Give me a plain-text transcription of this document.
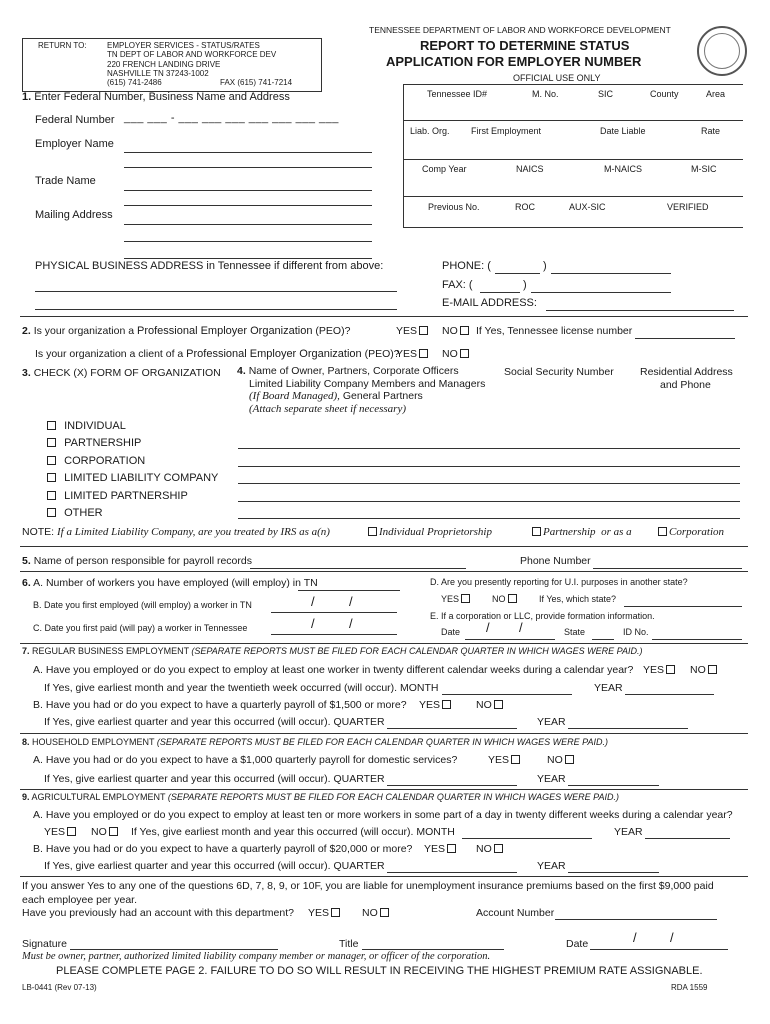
TENNESSEE DEPARTMENT OF LABOR AND WORKFORCE DEVELOPMENT
REPORT TO DETERMINE STATUS
APPLICATION FOR EMPLOYER NUMBER
RETURN TO:	EMPLOYER SERVICES - STATUS/RATES
TN DEPT OF LABOR AND WORKFORCE DEV
220 FRENCH LANDING DRIVE
NASHVILLE TN 37243-1002
(615) 741-2486	FAX (615) 741-7214	OFFICIAL USE ONLY
Tennessee ID#	M. No.	SIC	County	Area
Liab. Org. First Employment	Date Liable	Rate
Comp Year	NAICS	M-NAICS	M-SIC
Previous No.	ROC	AUX-SIC	VERIFIED
1. Enter Federal Number, Business Name and Address
Federal Number ___ ___ - ___ ___ ___ ___ ___ ___ ___
Employer Name
Trade Name
Mailing Address
PHYSICAL BUSINESS ADDRESS in Tennessee if different from above:	PHONE: (	)
FAX: (	)
E-MAIL ADDRESS:
2. Is your organization a Professional Employer Organization (PEO)?	YES	NO	If Yes, Tennessee license number
Is your organization a client of a Professional Employer Organization (PEO)?
YES	NO
3. CHECK (X) FORM OF ORGANIZATION
INDIVIDUAL
PARTNERSHIP
CORPORATION
LIMITED LIABILITY COMPANY
LIMITED PARTNERSHIP
OTHER
4. Name of Owner, Partners, Corporate Officers
Limited Liability Company Members and Managers
(If Board Managed), General Partners
(Attach separate sheet if necessary)
Social Security Number	Residential Address
and Phone
NOTE: If a Limited Liability Company, are you treated by IRS as a(n)	Individual Proprietorship	Partnership or as a	Corporation
5. Name of person responsible for payroll records	Phone Number
6. A. Number of workers you have employed (will employ) in TN
B. Date you first employed (will employ) a worker in TN	/	/
C. Date you first paid (will pay) a worker in Tennessee	/	/
D. Are you presently reporting for U.I. purposes in another state?
YES	NO	If Yes, which state?
E. If a corporation or LLC, provide formation information.
Date / /	State	ID No.
7. REGULAR BUSINESS EMPLOYMENT (SEPARATE REPORTS MUST BE FILED FOR EACH CALENDAR QUARTER IN WHICH WAGES WERE PAID.)
A. Have you employed or do you expect to employ at least one worker in twenty different calendar weeks during a calendar year? YES	NO
If Yes, give earliest month and year the twentieth week occurred (will occur). MONTH	YEAR
B. Have you had or do you expect to have a quarterly payroll of $1,500 or more? YES	NO
If Yes, give earliest quarter and year this occurred (will occur). QUARTER	YEAR
8. HOUSEHOLD EMPLOYMENT (SEPARATE REPORTS MUST BE FILED FOR EACH CALENDAR QUARTER IN WHICH WAGES WERE PAID.)
A. Have you had or do you expect to have a $1,000 quarterly payroll for domestic services?	YES	NO
If Yes, give earliest quarter and year this occurred (will occur). QUARTER	YEAR
9. AGRICULTURAL EMPLOYMENT (SEPARATE REPORTS MUST BE FILED FOR EACH CALENDAR QUARTER IN WHICH WAGES WERE PAID.)
A. Have you employed or do you expect to employ at least ten or more workers in some part of a day in twenty different weeks during a calendar year?
YES	NO	If Yes, give earliest month and year this occurred (will occur). MONTH	YEAR
B. Have you had or do you expect to have a quarterly payroll of $20,000 or more? YES	NO
If Yes, give earliest quarter and year this occurred (will occur). QUARTER	YEAR
If you answer Yes to any one of the questions 6D, 7, 8, 9, or 10F, you are liable for unemployment insurance premiums based on the first $9,000 paid
each employee per year.
Have you previously had an account with this department? YES	NO	Account Number
Signature	Title	Date	/	/
Must be owner, partner, authorized limited liability company member or manager, or officer of the corporation.
PLEASE COMPLETE PAGE 2. FAILURE TO DO SO WILL RESULT IN RECEIVING THE HIGHEST PREMIUM RATE ASSIGNABLE.
LB-0441 (Rev 07-13)	RDA 1559
